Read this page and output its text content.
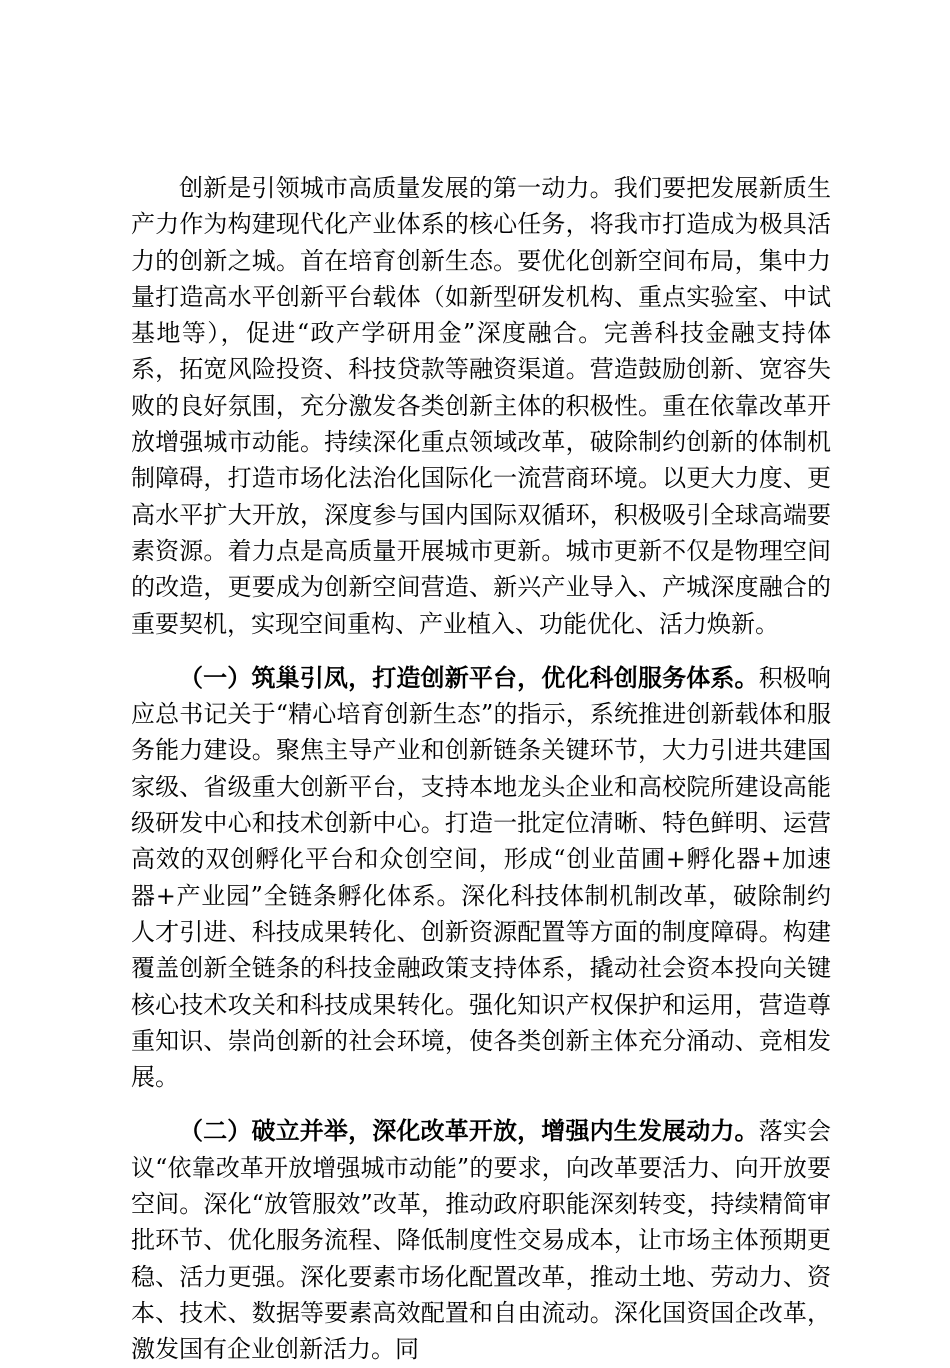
创新是引领城市高质量发展的第一动力。我们要把发展新质生产力作为构建现代化产业体系的核心任务，将我市打造成为极具活力的创新之城。首在培育创新生态。要优化创新空间布局，集中力量打造高水平创新平台载体（如新型研发机构、重点实验室、中试基地等），促进“政产学研用金”深度融合。完善科技金融支持体系，拓宽风险投资、科技贷款等融资渠道。营造鼓励创新、宽容失败的良好氛围，充分激发各类创新主体的积极性。重在依靠改革开放增强城市动能。持续深化重点领域改革，破除制约创新的体制机制障碍，打造市场化法治化国际化一流营商环境。以更大力度、更高水平扩大开放，深度参与国内国际双循环，积极吸引全球高端要素资源。着力点是高质量开展城市更新。城市更新不仅是物理空间的改造，更要成为创新空间营造、新兴产业导入、产城深度融合的重要契机，实现空间重构、产业植入、功能优化、活力焕新。

（一）筑巢引凤，打造创新平台，优化科创服务体系。积极响应总书记关于“精心培育创新生态”的指示，系统推进创新载体和服务能力建设。聚焦主导产业和创新链条关键环节，大力引进共建国家级、省级重大创新平台，支持本地龙头企业和高校院所建设高能级研发中心和技术创新中心。打造一批定位清晰、特色鲜明、运营高效的双创孵化平台和众创空间，形成“创业苗圃+孵化器+加速器+产业园”全链条孵化体系。深化科技体制机制改革，破除制约人才引进、科技成果转化、创新资源配置等方面的制度障碍。构建覆盖创新全链条的科技金融政策支持体系，撬动社会资本投向关键核心技术攻关和科技成果转化。强化知识产权保护和运用，营造尊重知识、崇尚创新的社会环境，使各类创新主体充分涌动、竞相发展。

（二）破立并举，深化改革开放，增强内生发展动力。落实会议“依靠改革开放增强城市动能”的要求，向改革要活力、向开放要空间。深化“放管服效”改革，推动政府职能深刻转变，持续精简审批环节、优化服务流程、降低制度性交易成本，让市场主体预期更稳、活力更强。深化要素市场化配置改革，推动土地、劳动力、资本、技术、数据等要素高效配置和自由流动。深化国资国企改革，激发国有企业创新活力。同
